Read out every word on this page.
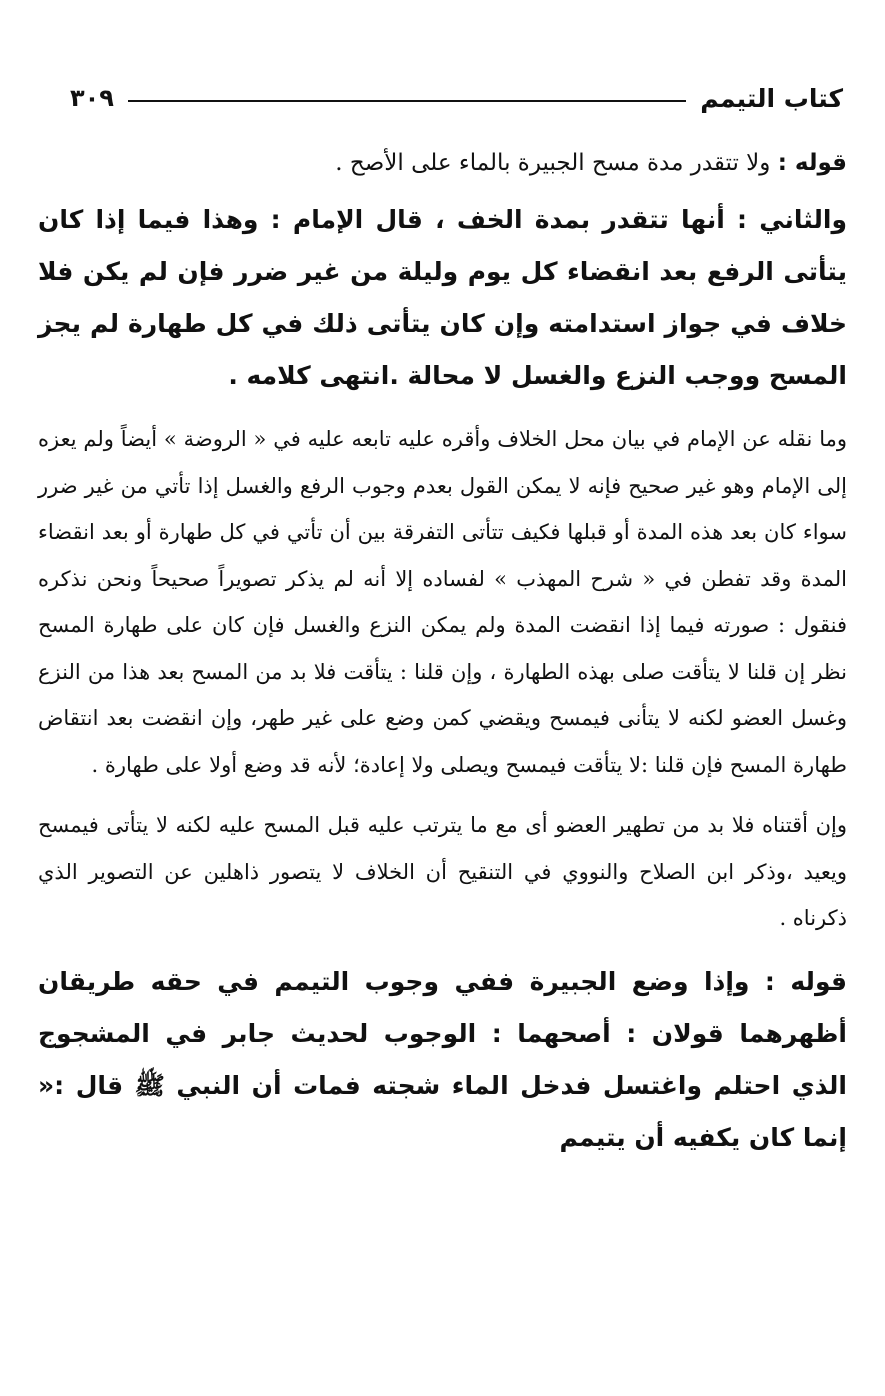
كتاب التيمم
٣٠٩

قوله : ولا تتقدر مدة مسح الجبيرة بالماء على الأصح .

والثاني : أنها تتقدر بمدة الخف ، قال الإمام : وهذا فيما إذا كان يتأتى الرفع بعد انقضاء كل يوم وليلة من غير ضرر فإن لم يكن فلا خلاف في جواز استدامته وإن كان يتأتى ذلك في كل طهارة لم يجز المسح ووجب النزع والغسل لا محالة .انتهى كلامه .

وما نقله عن الإمام في بيان محل الخلاف وأقره عليه تابعه عليه في « الروضة » أيضاً ولم يعزه إلى الإمام وهو غير صحيح فإنه لا يمكن القول بعدم وجوب الرفع والغسل إذا تأتي من غير ضرر سواء كان بعد هذه المدة أو قبلها فكيف تتأتى التفرقة بين أن تأتي في كل طهارة أو بعد انقضاء المدة وقد تفطن في « شرح المهذب » لفساده إلا أنه لم يذكر تصويراً صحيحاً ونحن نذكره فنقول : صورته فيما إذا انقضت المدة ولم يمكن النزع والغسل فإن كان على طهارة المسح نظر إن قلنا لا يتأقت صلى بهذه الطهارة ، وإن قلنا : يتأقت فلا بد من المسح بعد هذا من النزع وغسل العضو لكنه لا يتأنى فيمسح ويقضي كمن وضع على غير طهر، وإن انقضت بعد انتقاض طهارة المسح فإن قلنا :لا يتأقت فيمسح ويصلى ولا إعادة؛ لأنه قد وضع أولا على طهارة .

وإن أقتناه فلا بد من تطهير العضو أى مع ما يترتب عليه قبل المسح عليه لكنه لا يتأتى فيمسح ويعيد ،وذكر ابن الصلاح والنووي في التنقيح أن الخلاف لا يتصور ذاهلين عن التصوير الذي ذكرناه .

قوله : وإذا وضع الجبيرة ففي وجوب التيمم في حقه طريقان أظهرهما قولان : أصحهما : الوجوب لحديث جابر في المشجوج الذي احتلم واغتسل فدخل الماء شجته فمات أن النبي ﷺ قال :« إنما كان يكفيه أن يتيمم
